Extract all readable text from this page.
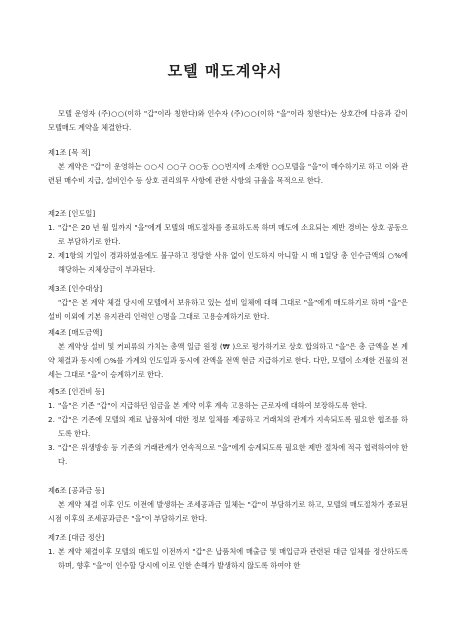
모텔 매도계약서
모텔 운영자 (주)○○(이하 "갑"이라 칭한다)와 인수자 (주)○○(이하 "을"이라 칭한다)는 상호간에 다음과 같이 모텔매도 계약을 체결한다.
제1조 [목 적]
본 계약은 "갑"이 운영하는 ○○시 ○○구 ○○동 ○○번지에 소재한 ○○모텔을 "을"이 매수하기로 하고 이와 관련된 매수비 지급, 설비인수 등 상호 권리의무 사항에 관한 사항의 규율을 목적으로 한다.
제2조 [인도일]
1. "갑"은 20 년 월 일까지 "을"에게 모텔의 매도절차를 종료하도록 하며 매도에 소요되는 제반 경비는 상호 공동으로 부담하기로 한다.
2. 제1항의 기일이 경과하였음에도 불구하고 정당한 사유 없이 인도하지 아니할 시 매 1일당 총 인수금액의 ○%에 해당하는 지체상금이 부과된다.
제3조 [인수대상]
"갑"은 본 계약 체결 당시에 모텔에서 보유하고 있는 설비 일체에 대해 그대로 "을"에게 매도하기로 하며 "을"은 설비 이외에 기본 유지관리 인력인 ○명을 그대로 고용승계하기로 한다.
제4조 [매도금액]
본 계약상 설비 및 커피류의 가치는 총액 일금 원정 (₩ )으로 평가하기로 상호 합의하고 "을"은 총 금액을 본 계약 체결과 동시에 ○%를 가계의 인도일과 동시에 잔액을 전액 현금 지급하기로 한다. 다만, 모텔이 소재한 건물의 전세는 그대로 "을"이 승계하기로 한다.
제5조 [인건비 등]
1. "을"은 기존 "갑"이 지급하던 임금을 본 계약 이후 계속 고용하는 근로자에 대하여 보장하도록 한다.
2. "갑"은 기존에 모텔의 재료 납품처에 대한 정보 일체를 제공하고 거래처의 관계가 지속되도록 필요한 협조를 하도록 한다.
3. "갑"은 위생방송 등 기존의 거래관계가 연속적으로 "을"에게 승계되도록 필요한 제반 절차에 적극 협력하여야 한다.
제6조 [공과금 등]
본 계약 체결 이후 인도 이전에 발생하는 조세공과금 일체는 "갑"이 부담하기로 하고, 모텔의 매도절차가 종료된 시점 이후의 조세공과금은 "을"이 부담하기로 한다.
제7조 [대금 정산]
1. 본 계약 체결이후 모텔의 매도일 이전까지 "갑"은 납품처에 매출금 및 매입금과 관련된 대금 일체를 정산하도록 하며, 향후 "을"이 인수할 당시에 이로 인한 손해가 발생하지 않도록 하여야 한
